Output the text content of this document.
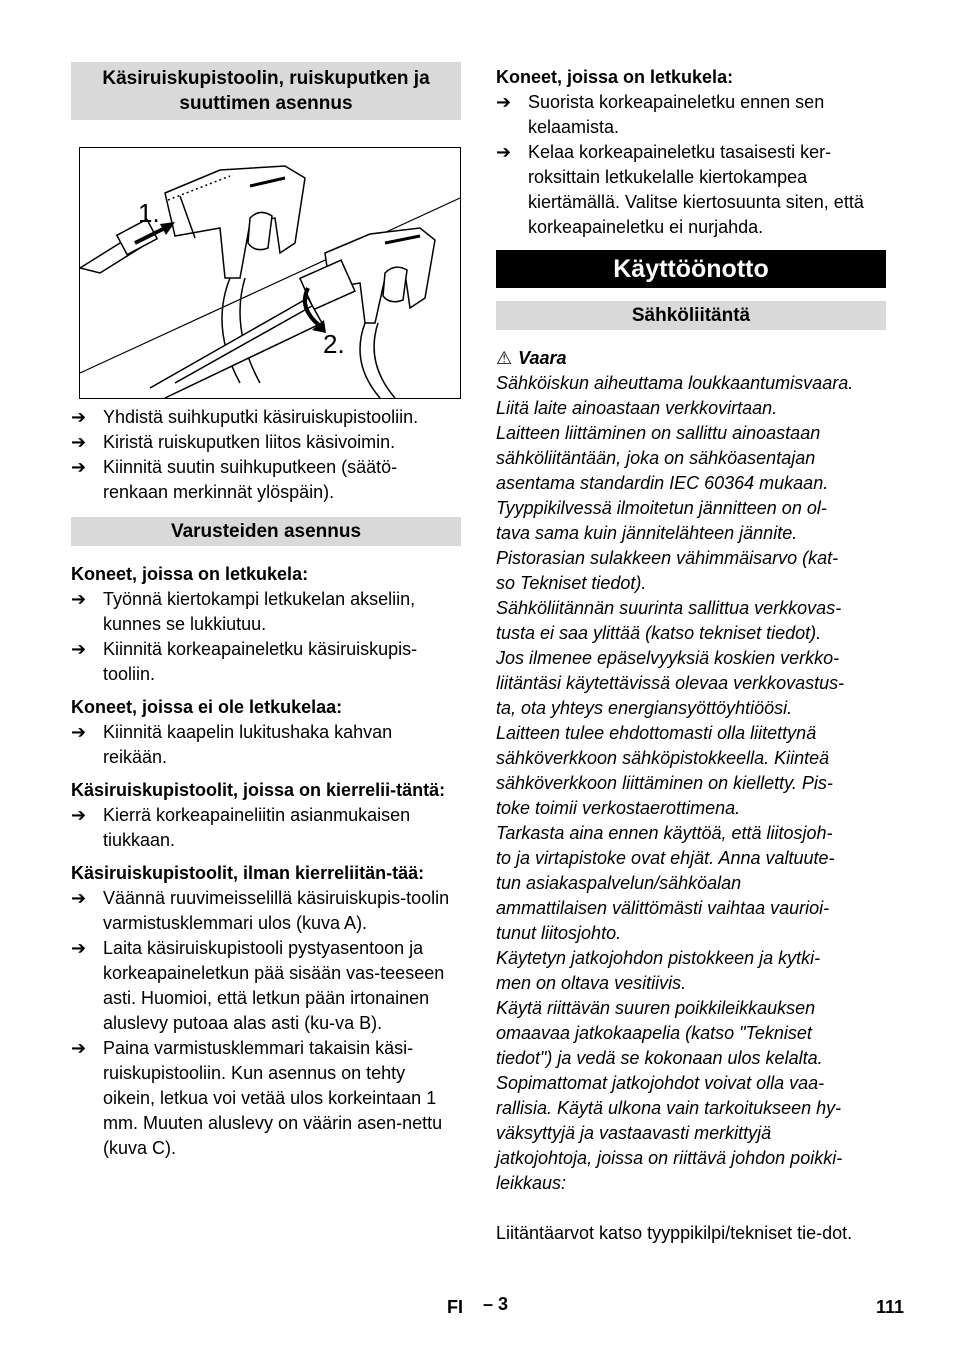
Käsiruiskupistoolin, ruiskuputken ja suuttimen asennus
1.
2.
➔ Yhdistä suihkuputki käsiruiskupistooliin.
➔ Kiristä ruiskuputken liitos käsivoimin.
➔ Kiinnitä suutin suihkuputkeen (säätö-renkaan merkinnät ylöspäin).
Varusteiden asennus
Koneet, joissa on letkukela:
➔ Työnnä kiertokampi letkukelan akseliin, kunnes se lukkiutuu.
➔ Kiinnitä korkeapaineletku käsiruiskupis-tooliin.
Koneet, joissa ei ole letkukelaa:
➔ Kiinnitä kaapelin lukitushaka kahvan reikään.
Käsiruiskupistoolit, joissa on kierrelii-täntä:
➔ Kierrä korkeapaineliitin asianmukaisen tiukkaan.
Käsiruiskupistoolit, ilman kierreliitän-tää:
➔ Väännä ruuvimeisselillä käsiruiskupis-toolin varmistusklemmari ulos (kuva A).
➔ Laita käsiruiskupistooli pystyasentoon ja korkeapaineletkun pää sisään vas-teeseen asti. Huomioi, että letkun pään irtonainen aluslevy putoaa alas asti (ku-va B).
➔ Paina varmistusklemmari takaisin käsi-ruiskupistooliin. Kun asennus on tehty oikein, letkua voi vetää ulos korkeintaan 1 mm. Muuten aluslevy on väärin asen-nettu (kuva C).
Koneet, joissa on letkukela:
➔ Suorista korkeapaineletku ennen sen kelaamista.
➔ Kelaa korkeapaineletku tasaisesti ker-roksittain letkukelalle kiertokampea kiertämällä. Valitse kiertosuunta siten, että korkeapaineletku ei nurjahda.
Käyttöönotto
Sähköliitäntä
⚠ Vaara
Sähköiskun aiheuttama loukkaantumisvaara.
Liitä laite ainoastaan verkkovirtaan.
Laitteen liittäminen on sallittu ainoastaan
sähköliitäntään, joka on sähköasentajan
asentama standardin IEC 60364 mukaan.
Tyyppikilvessä ilmoitetun jännitteen on ol-
tava sama kuin jännitelähteen jännite.
Pistorasian sulakkeen vähimmäisarvo (kat-
so Tekniset tiedot).
Sähköliitännän suurinta sallittua verkkovas-
tusta ei saa ylittää (katso tekniset tiedot).
Jos ilmenee epäselvyyksiä koskien verkko-
liitäntäsi käytettävissä olevaa verkkovastus-
ta, ota yhteys energiansyöttöyhtiöösi.
Laitteen tulee ehdottomasti olla liitettynä
sähköverkkoon sähköpistokkeella. Kiinteä
sähköverkkoon liittäminen on kielletty. Pis-
toke toimii verkostaerottimena.
Tarkasta aina ennen käyttöä, että liitosjoh-
to ja virtapistoke ovat ehjät. Anna valtuute-
tun asiakaspalvelun/sähköalan
ammattilaisen välittömästi vaihtaa vaurioi-
tunut liitosjohto.
Käytetyn jatkojohdon pistokkeen ja kytki-
men on oltava vesitiivis.
Käytä riittävän suuren poikkileikkauksen
omaavaa jatkokaapelia (katso "Tekniset
tiedot") ja vedä se kokonaan ulos kelalta.
Sopimattomat jatkojohdot voivat olla vaa-
rallisia. Käytä ulkona vain tarkoitukseen hy-
väksyttyjä ja vastaavasti merkittyjä
jatkojohtoja, joissa on riittävä johdon poikki-
leikkaus:
Liitäntäarvot katso tyyppikilpi/tekniset tie-dot.
FI – 3	111
